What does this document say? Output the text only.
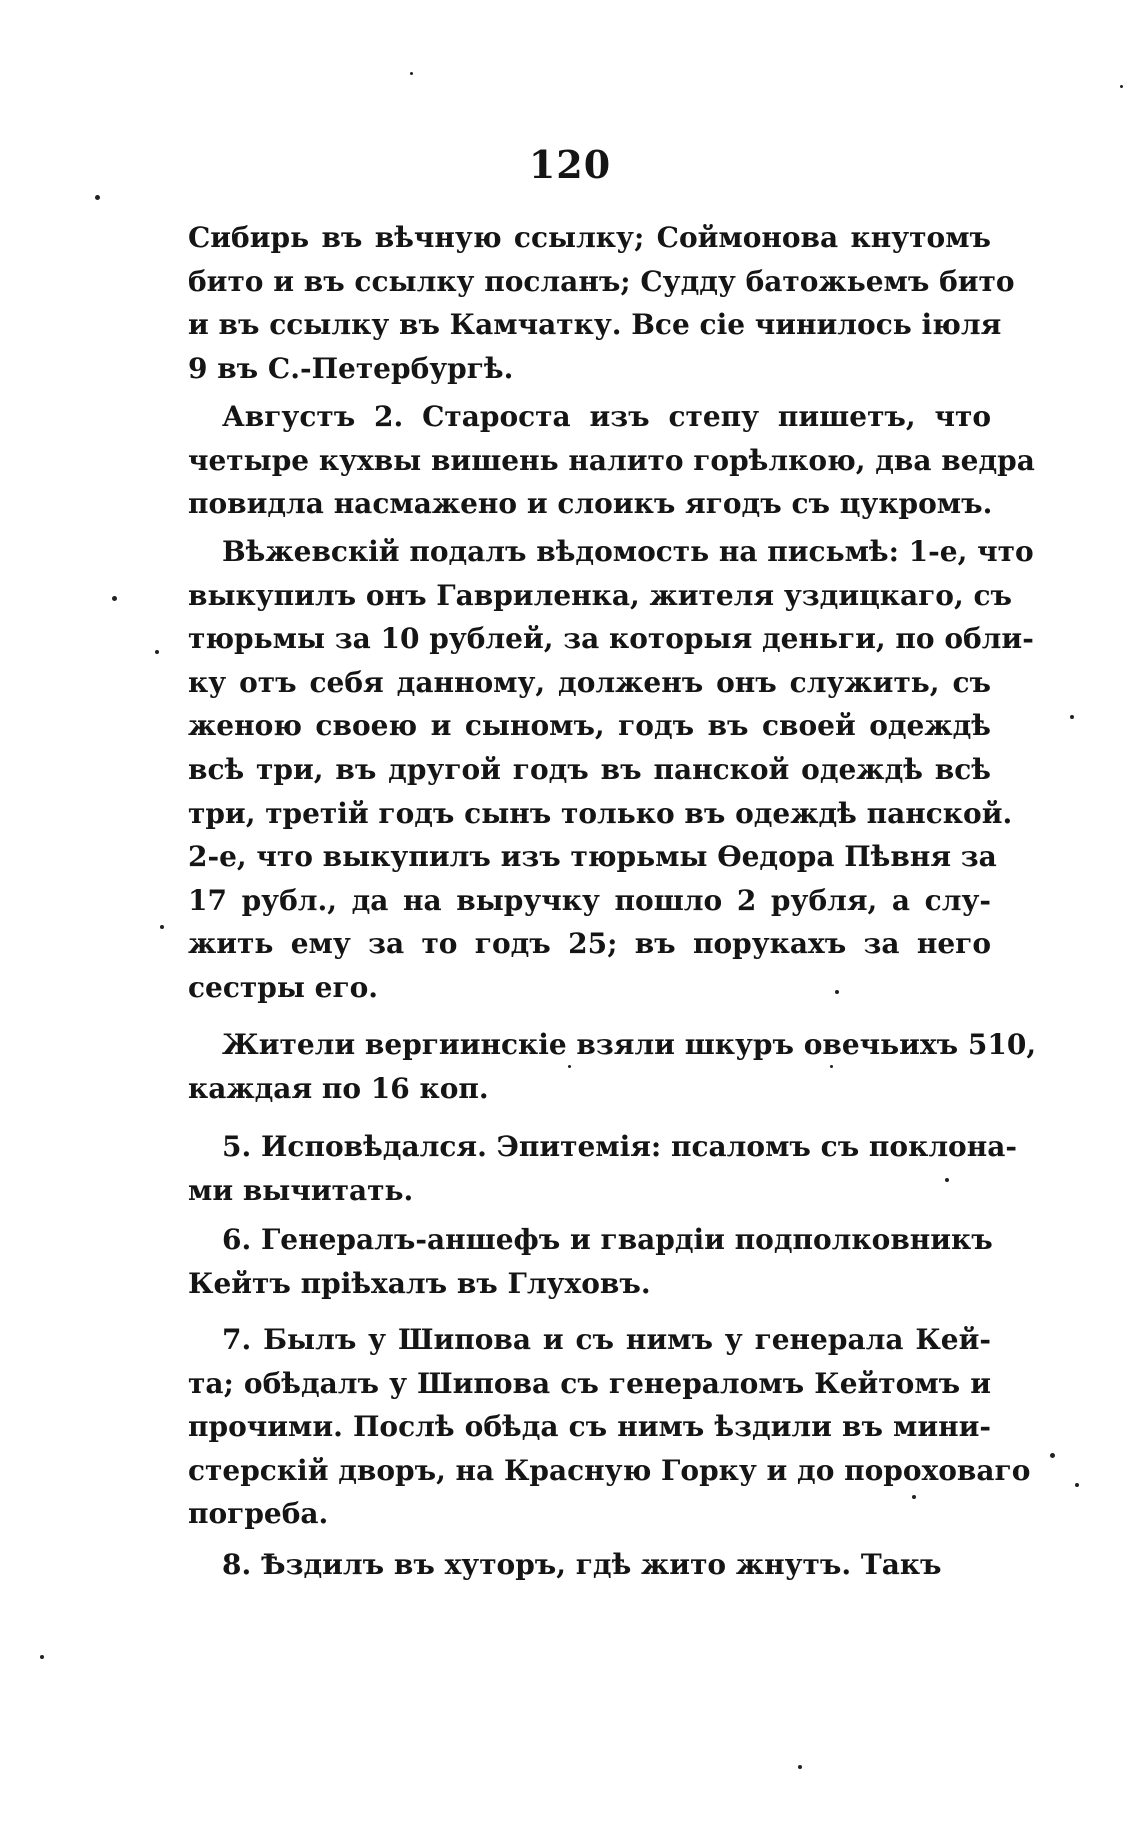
120
Сибирь въ вѣчную ссылку; Соймонова кнутомъ
бито и въ ссылку посланъ; Судду батожьемъ бито
и въ ссылку въ Камчатку. Все сіе чинилось іюля
9 въ С.-Петербургѣ.
Августъ 2. Староста изъ степу пишетъ, что
четыре кухвы вишень налито горѣлкою, два ведра
повидла насмажено и слоикъ ягодъ съ цукромъ.
Вѣжевскій подалъ вѣдомость на письмѣ: 1-е, что
выкупилъ онъ Гавриленка, жителя уздицкаго, съ
тюрьмы за 10 рублей, за которыя деньги, по обли-
ку отъ себя данному, долженъ онъ служить, съ
женою своею и сыномъ, годъ въ своей одеждѣ
всѣ три, въ другой годъ въ панской одеждѣ всѣ
три, третій годъ сынъ только въ одеждѣ панской.
2-е, что выкупилъ изъ тюрьмы Ѳедора Пѣвня за
17 рубл., да на выручку пошло 2 рубля, а слу-
жить ему за то годъ 25; въ порукахъ за него
сестры его.
Жители вергиинскіе взяли шкуръ овечьихъ 510,
каждая по 16 коп.
5. Исповѣдался. Эпитемія: псаломъ съ поклона-
ми вычитать.
6. Генералъ-аншефъ и гвардіи подполковникъ
Кейтъ пріѣхалъ въ Глуховъ.
7. Былъ у Шипова и съ нимъ у генерала Кей-
та; обѣдалъ у Шипова съ генераломъ Кейтомъ и
прочими. Послѣ обѣда съ нимъ ѣздили въ мини-
стерскій дворъ, на Красную Горку и до пороховаго
погреба.
8. Ѣздилъ въ хуторъ, гдѣ жито жнутъ. Такъ
